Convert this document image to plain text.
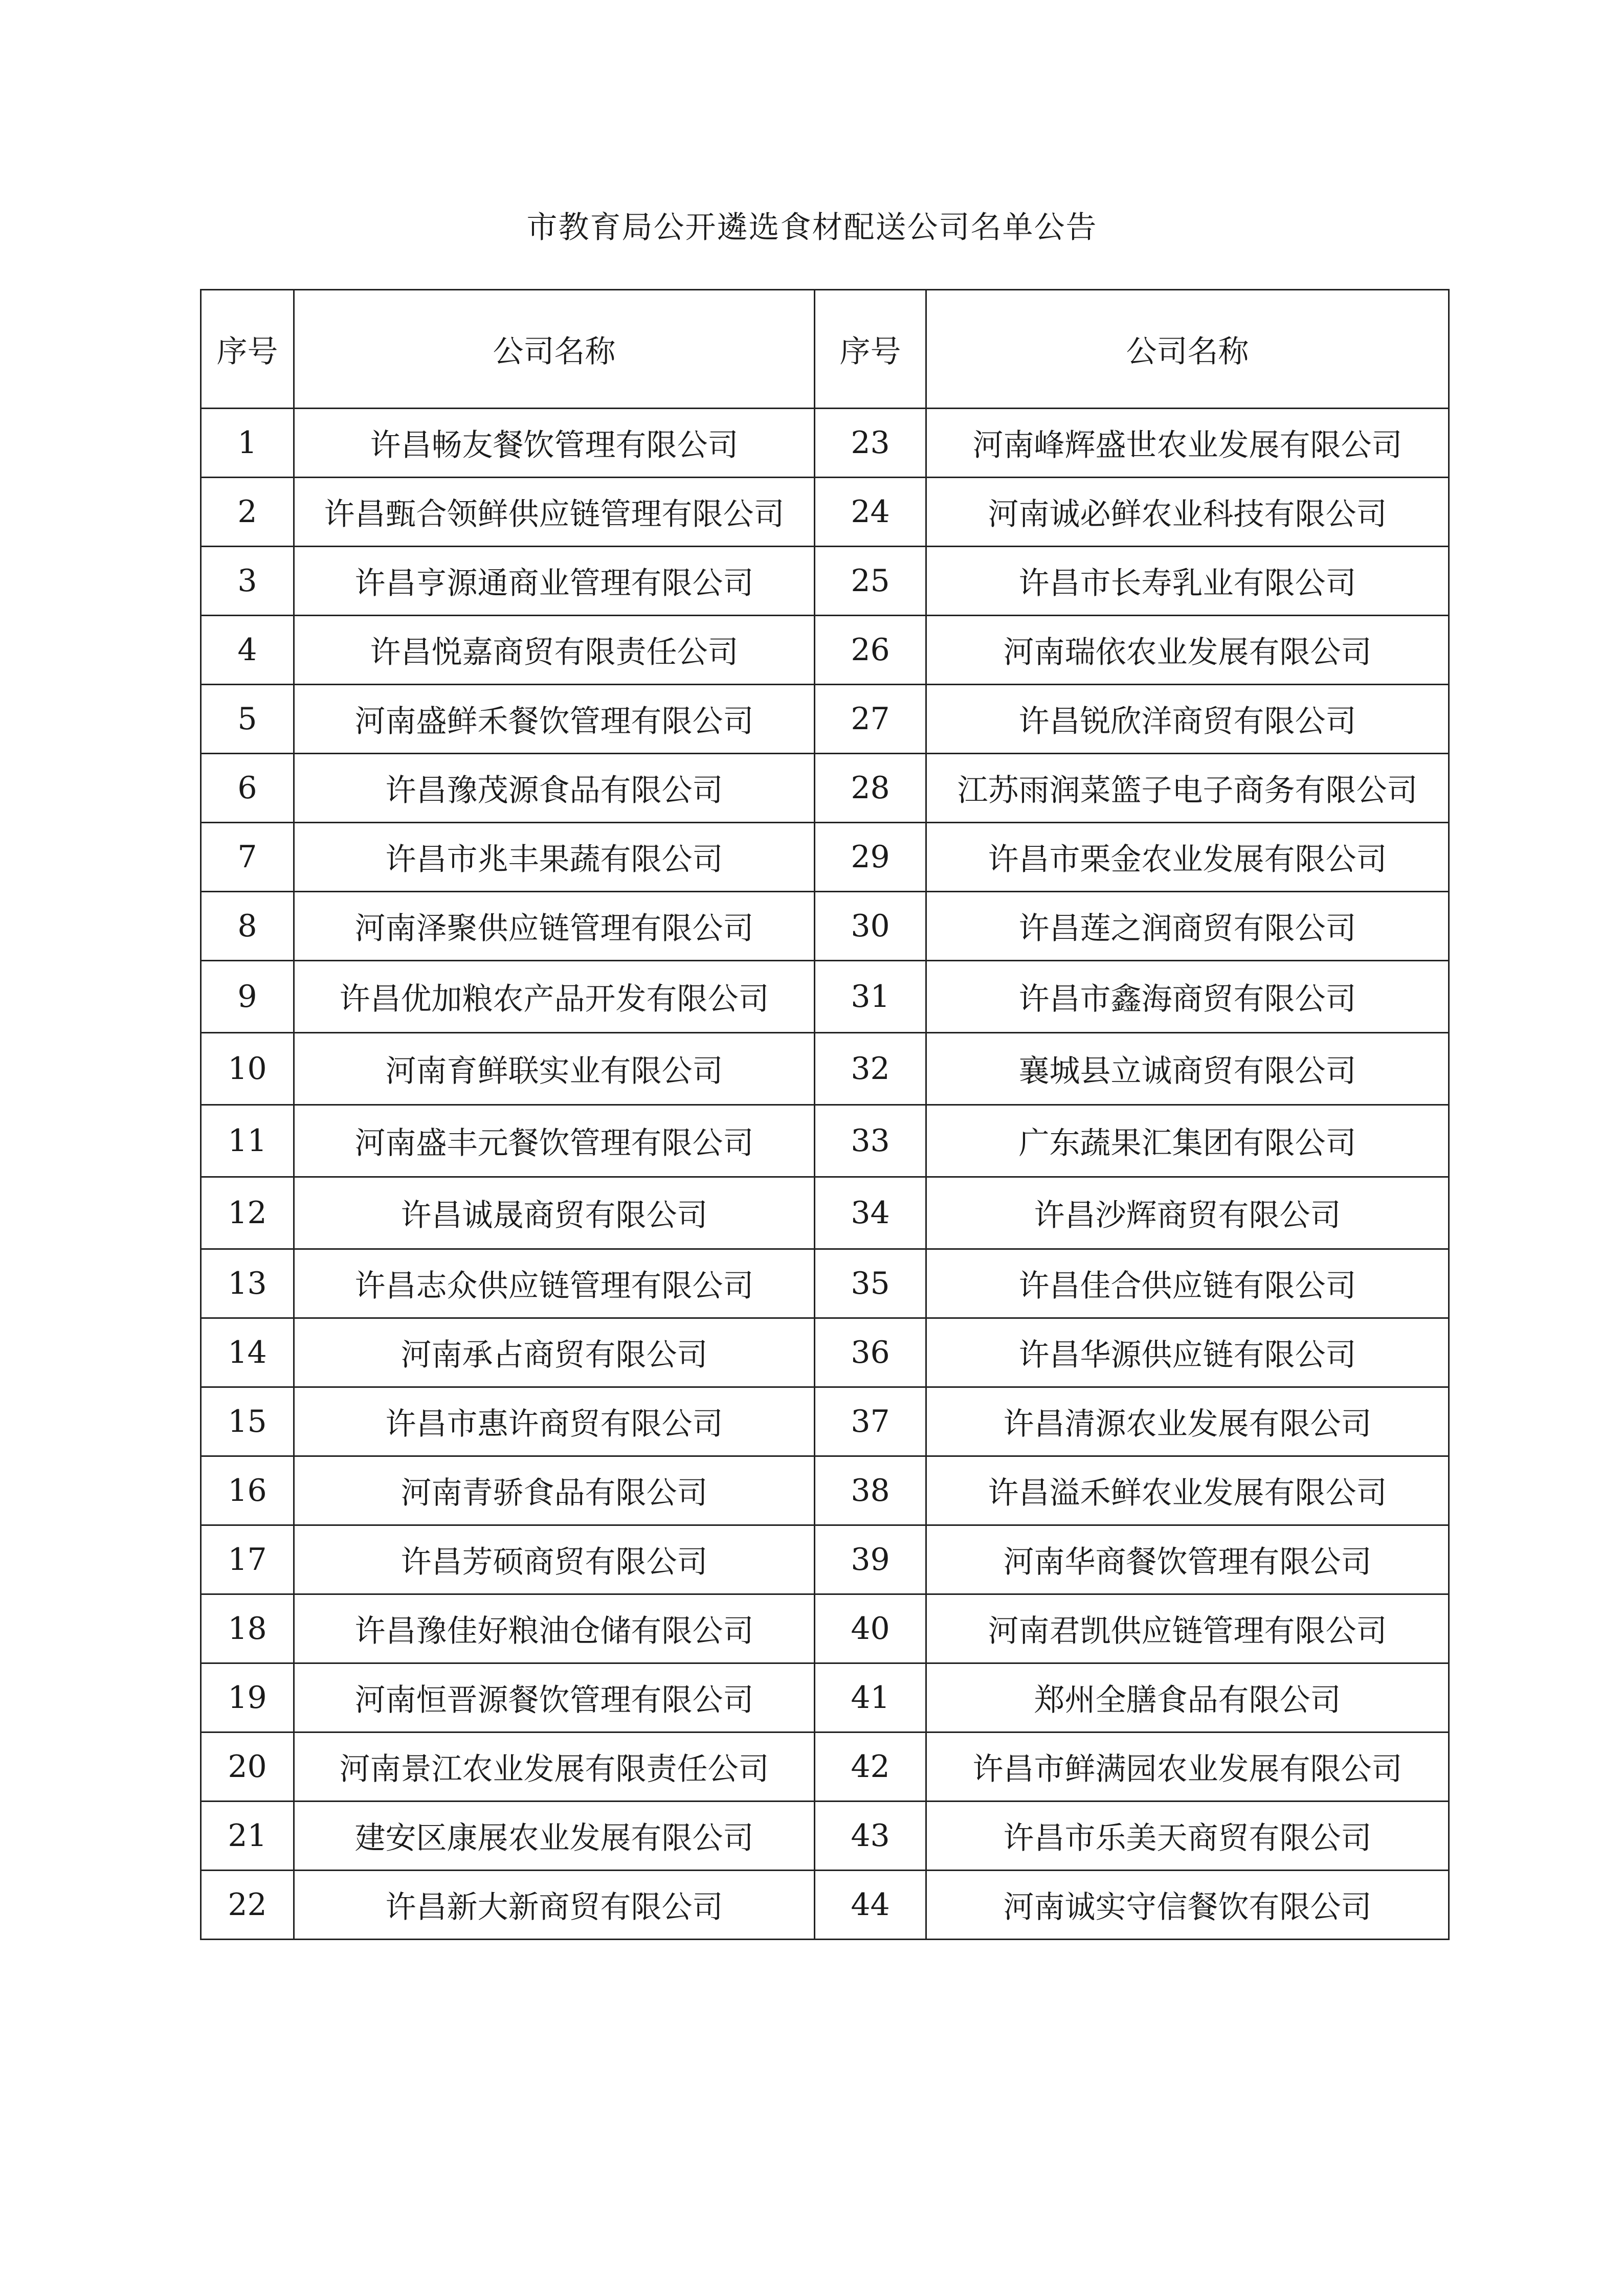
市教育局公开遴选食材配送公司名单公告
序号	公司名称	序号	公司名称
1	许昌畅友餐饮管理有限公司	23	河南峰辉盛世农业发展有限公司
2	许昌甄合领鲜供应链管理有限公司	24	河南诚必鲜农业科技有限公司
3	许昌亨源通商业管理有限公司	25	许昌市长寿乳业有限公司
4	许昌悦嘉商贸有限责任公司	26	河南瑞依农业发展有限公司
5	河南盛鲜禾餐饮管理有限公司	27	许昌锐欣洋商贸有限公司
6	许昌豫茂源食品有限公司	28	江苏雨润菜篮子电子商务有限公司
7	许昌市兆丰果蔬有限公司	29	许昌市栗金农业发展有限公司
8	河南泽聚供应链管理有限公司	30	许昌莲之润商贸有限公司
9	许昌优加粮农产品开发有限公司	31	许昌市鑫海商贸有限公司
10	河南育鲜联实业有限公司	32	襄城县立诚商贸有限公司
11	河南盛丰元餐饮管理有限公司	33	广东蔬果汇集团有限公司
12	许昌诚晟商贸有限公司	34	许昌沙辉商贸有限公司
13	许昌志众供应链管理有限公司	35	许昌佳合供应链有限公司
14	河南承占商贸有限公司	36	许昌华源供应链有限公司
15	许昌市惠许商贸有限公司	37	许昌清源农业发展有限公司
16	河南青骄食品有限公司	38	许昌溢禾鲜农业发展有限公司
17	许昌芳硕商贸有限公司	39	河南华商餐饮管理有限公司
18	许昌豫佳好粮油仓储有限公司	40	河南君凯供应链管理有限公司
19	河南恒晋源餐饮管理有限公司	41	郑州全膳食品有限公司
20	河南景江农业发展有限责任公司	42	许昌市鲜满园农业发展有限公司
21	建安区康展农业发展有限公司	43	许昌市乐美天商贸有限公司
22	许昌新大新商贸有限公司	44	河南诚实守信餐饮有限公司
